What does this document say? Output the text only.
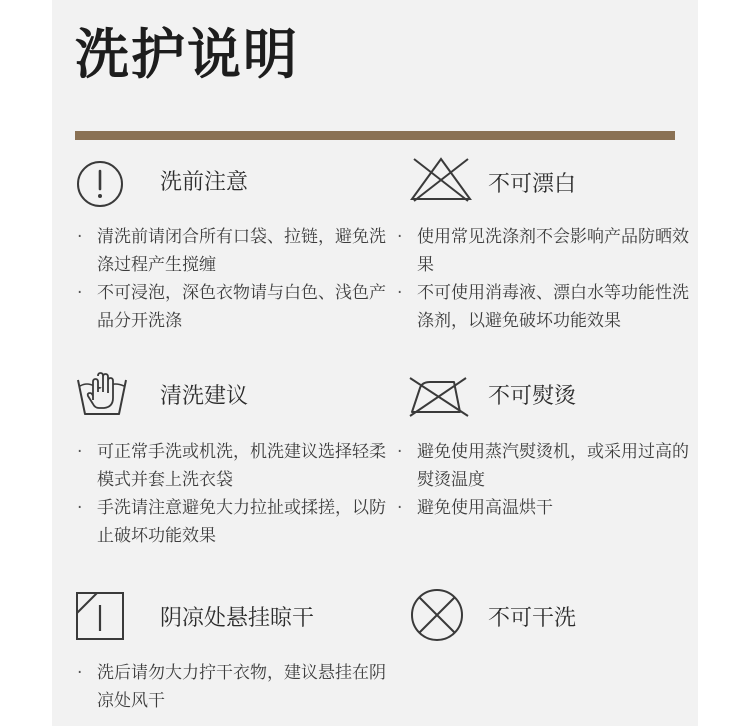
洗护说明
洗前注意
· 清洗前请闭合所有口袋、拉链，避免洗涤过程产生搅缠
· 不可浸泡，深色衣物请与白色、浅色产品分开洗涤
不可漂白
· 使用常见洗涤剂不会影响产品防晒效果
· 不可使用消毒液、漂白水等功能性洗涤剂，以避免破坏功能效果
清洗建议
· 可正常手洗或机洗，机洗建议选择轻柔模式并套上洗衣袋
· 手洗请注意避免大力拉扯或揉搓，以防止破坏功能效果
不可熨烫
· 避免使用蒸汽熨烫机，或采用过高的熨烫温度
· 避免使用高温烘干
阴凉处悬挂晾干
· 洗后请勿大力拧干衣物，建议悬挂在阴凉处风干
不可干洗
